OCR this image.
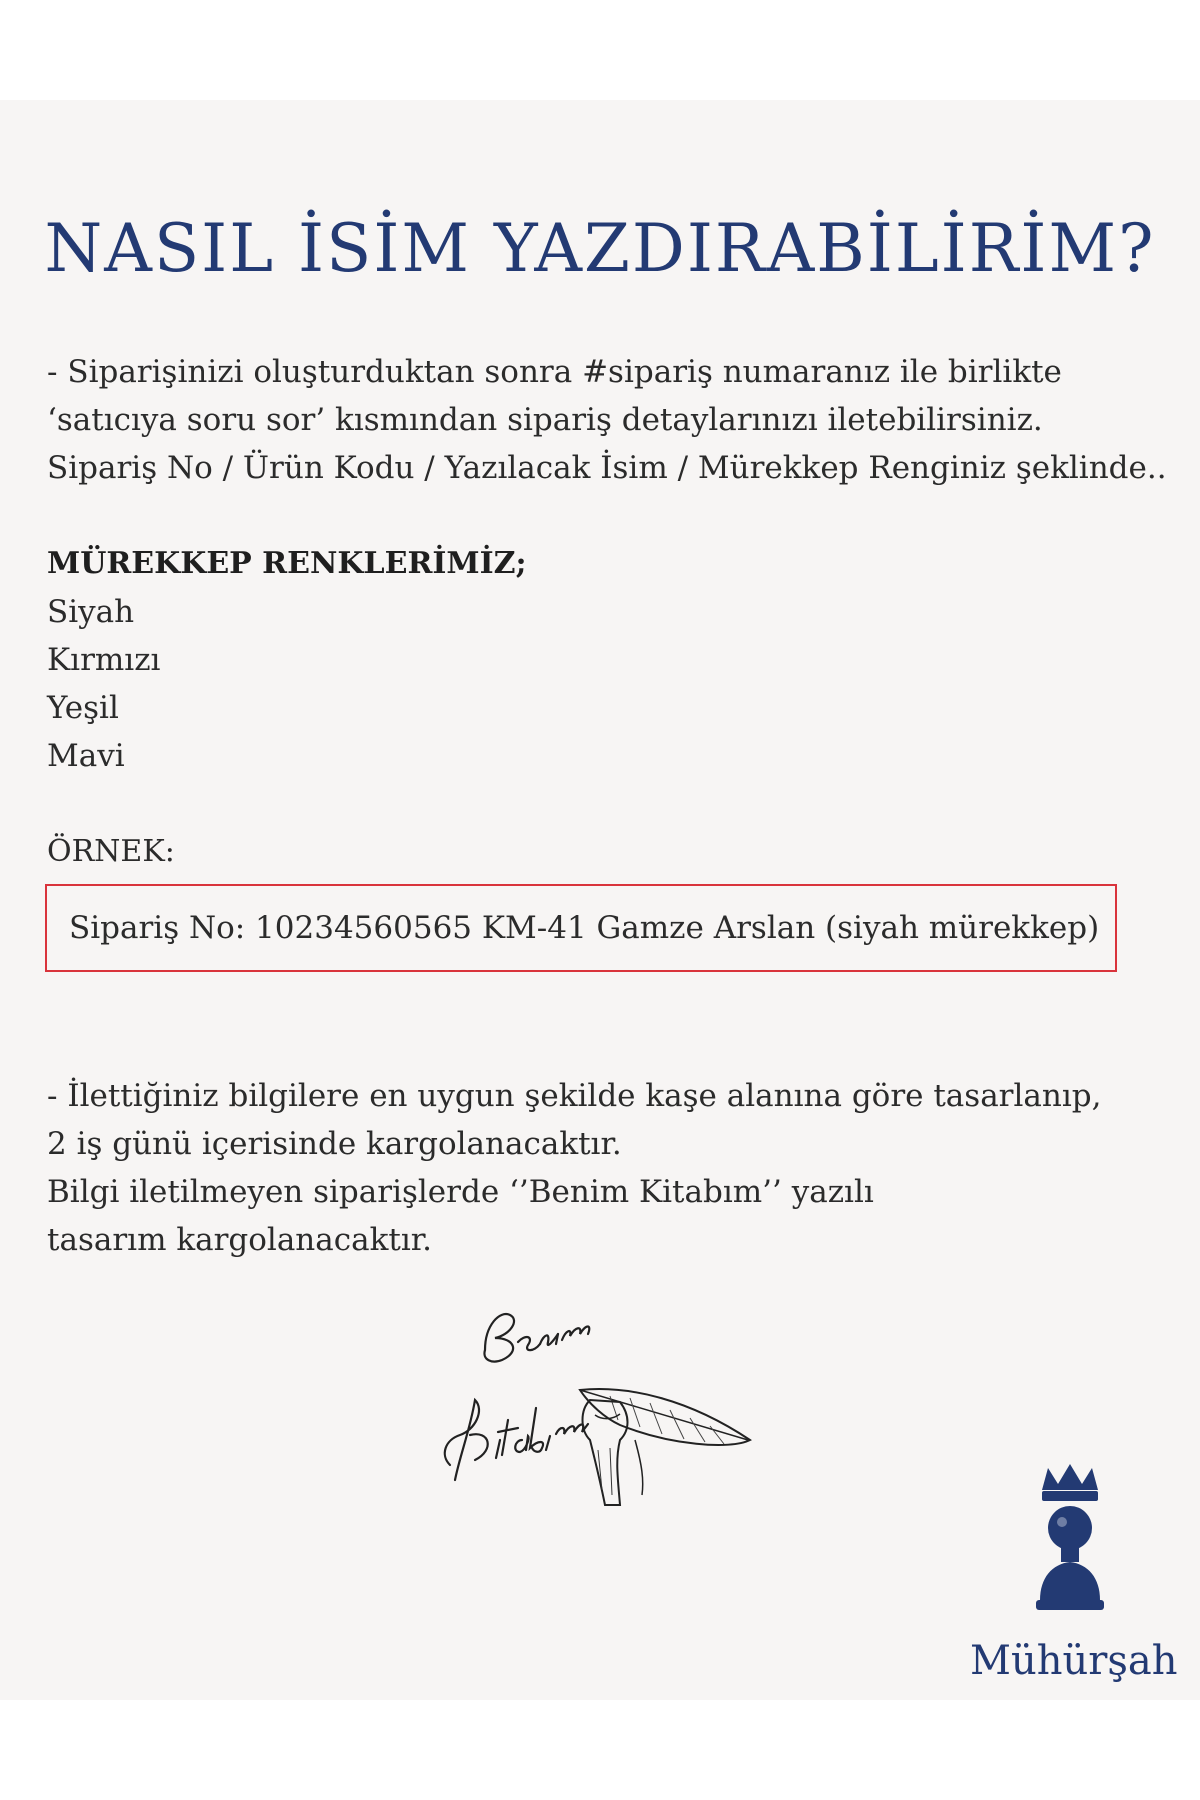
NASIL İSİM YAZDIRABİLİRİM?
- Siparişinizi oluşturduktan sonra #sipariş numaranız ile birlikte
‘satıcıya soru sor’ kısmından sipariş detaylarınızı iletebilirsiniz.
Sipariş No / Ürün Kodu / Yazılacak İsim / Mürekkep Renginiz şeklinde..
MÜREKKEP RENKLERİMİZ;
Siyah
Kırmızı
Yeşil
Mavi
ÖRNEK:
Sipariş No: 10234560565 KM-41 Gamze Arslan (siyah mürekkep)
- İlettiğiniz bilgilere en uygun şekilde kaşe alanına göre tasarlanıp,
2 iş günü içerisinde kargolanacaktır.
Bilgi iletilmeyen siparişlerde ‘’Benim Kitabım’’ yazılı
tasarım kargolanacaktır.
Mühürşah
